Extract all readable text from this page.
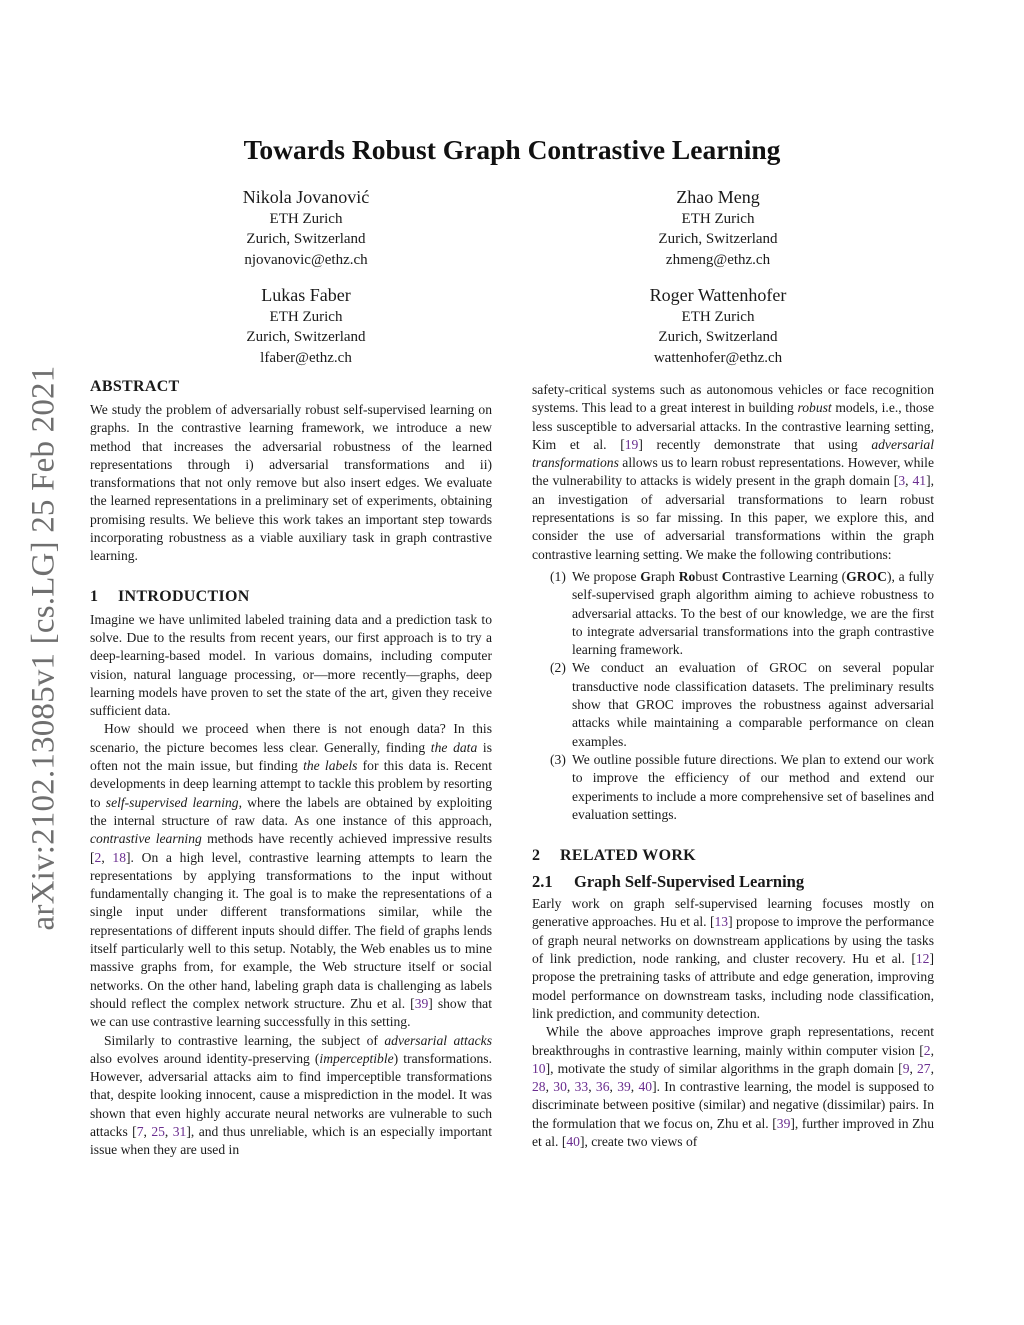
arXiv:2102.13085v1 [cs.LG] 25 Feb 2021
Towards Robust Graph Contrastive Learning
Nikola Jovanović
ETH Zurich
Zurich, Switzerland
njovanovic@ethz.ch
Zhao Meng
ETH Zurich
Zurich, Switzerland
zhmeng@ethz.ch
Lukas Faber
ETH Zurich
Zurich, Switzerland
lfaber@ethz.ch
Roger Wattenhofer
ETH Zurich
Zurich, Switzerland
wattenhofer@ethz.ch
ABSTRACT

We study the problem of adversarially robust self-supervised learning on graphs. In the contrastive learning framework, we introduce a new method that increases the adversarial robustness of the learned representations through i) adversarial transformations and ii) transformations that not only remove but also insert edges. We evaluate the learned representations in a preliminary set of experiments, obtaining promising results. We believe this work takes an important step towards incorporating robustness as a viable auxiliary task in graph contrastive learning.

1 INTRODUCTION

Imagine we have unlimited labeled training data and a prediction task to solve. Due to the results from recent years, our first approach is to try a deep-learning-based model. In various domains, including computer vision, natural language processing, or—more recently—graphs, deep learning models have proven to set the state of the art, given they receive sufficient data.

How should we proceed when there is not enough data? In this scenario, the picture becomes less clear. Generally, finding the data is often not the main issue, but finding the labels for this data is. Recent developments in deep learning attempt to tackle this problem by resorting to self-supervised learning, where the labels are obtained by exploiting the internal structure of raw data. As one instance of this approach, contrastive learning methods have recently achieved impressive results [2, 18]. On a high level, contrastive learning attempts to learn the representations by applying transformations to the input without fundamentally changing it. The goal is to make the representations of a single input under different transformations similar, while the representations of different inputs should differ. The field of graphs lends itself particularly well to this setup. Notably, the Web enables us to mine massive graphs from, for example, the Web structure itself or social networks. On the other hand, labeling graph data is challenging as labels should reflect the complex network structure. Zhu et al. [39] show that we can use contrastive learning successfully in this setting.

Similarly to contrastive learning, the subject of adversarial attacks also evolves around identity-preserving (imperceptible) transformations. However, adversarial attacks aim to find imperceptible transformations that, despite looking innocent, cause a misprediction in the model. It was shown that even highly accurate neural networks are vulnerable to such attacks [7, 25, 31], and thus unreliable, which is an especially important issue when they are used in

safety-critical systems such as autonomous vehicles or face recognition systems. This lead to a great interest in building robust models, i.e., those less susceptible to adversarial attacks. In the contrastive learning setting, Kim et al. [19] recently demonstrate that using adversarial transformations allows us to learn robust representations. However, while the vulnerability to attacks is widely present in the graph domain [3, 41], an investigation of adversarial transformations to learn robust representations is so far missing. In this paper, we explore this, and consider the use of adversarial transformations within the graph contrastive learning setting. We make the following contributions:

(1) We propose Graph Robust Contrastive Learning (GROC), a fully self-supervised graph algorithm aiming to achieve robustness to adversarial attacks. To the best of our knowledge, we are the first to integrate adversarial transformations into the graph contrastive learning framework.
(2) We conduct an evaluation of GROC on several popular transductive node classification datasets. The preliminary results show that GROC improves the robustness against adversarial attacks while maintaining a comparable performance on clean examples.
(3) We outline possible future directions. We plan to extend our work to improve the efficiency of our method and extend our experiments to include a more comprehensive set of baselines and evaluation settings.
2 RELATED WORK
2.1 Graph Self-Supervised Learning

Early work on graph self-supervised learning focuses mostly on generative approaches. Hu et al. [13] propose to improve the performance of graph neural networks on downstream applications by using the tasks of link prediction, node ranking, and cluster recovery. Hu et al. [12] propose the pretraining tasks of attribute and edge generation, improving model performance on downstream tasks, including node classification, link prediction, and community detection.

While the above approaches improve graph representations, recent breakthroughs in contrastive learning, mainly within computer vision [2, 10], motivate the study of similar algorithms in the graph domain [9, 27, 28, 30, 33, 36, 39, 40]. In contrastive learning, the model is supposed to discriminate between positive (similar) and negative (dissimilar) pairs. In the formulation that we focus on, Zhu et al. [39], further improved in Zhu et al. [40], create two views of
